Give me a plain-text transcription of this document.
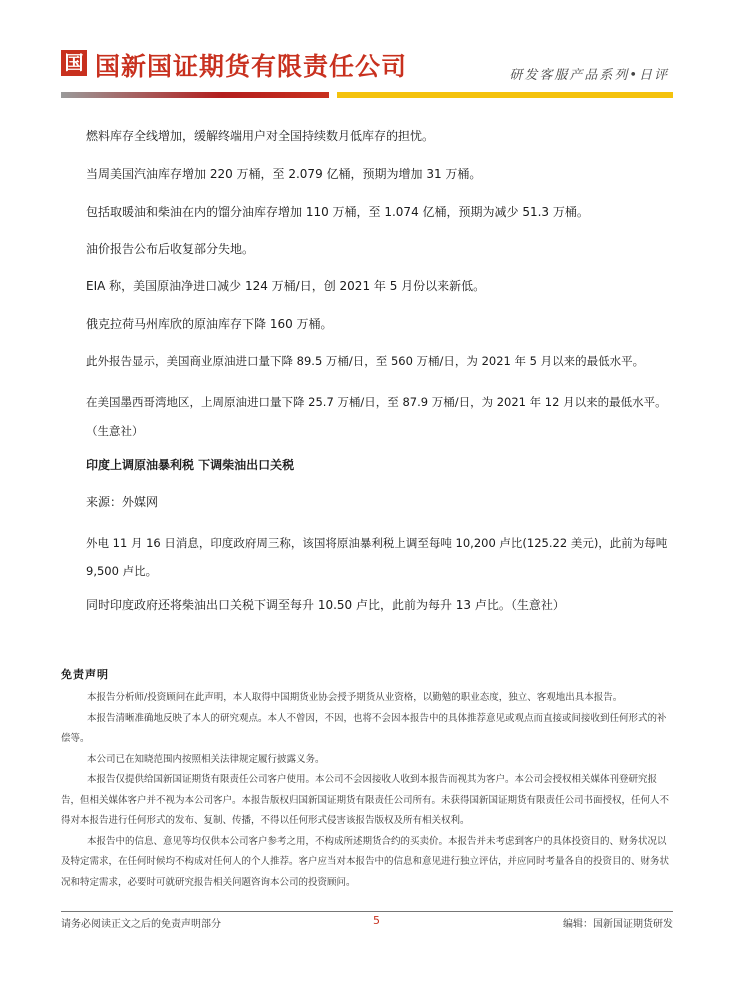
国 国新国证期货有限责任公司	研发客服产品系列•日评
燃料库存全线增加，缓解终端用户对全国持续数月低库存的担忧。
当周美国汽油库存增加 220 万桶，至 2.079 亿桶，预期为增加 31 万桶。
包括取暖油和柴油在内的馏分油库存增加 110 万桶，至 1.074 亿桶，预期为减少 51.3 万桶。
油价报告公布后收复部分失地。
EIA 称，美国原油净进口减少 124 万桶/日，创 2021 年 5 月份以来新低。
俄克拉荷马州库欣的原油库存下降 160 万桶。
此外报告显示，美国商业原油进口量下降 89.5 万桶/日，至 560 万桶/日，为 2021 年 5 月以来的最低水平。
在美国墨西哥湾地区，上周原油进口量下降 25.7 万桶/日，至 87.9 万桶/日，为 2021 年 12 月以来的最低水平。（生意社）
印度上调原油暴利税 下调柴油出口关税
来源：外媒网
外电 11 月 16 日消息，印度政府周三称，该国将原油暴利税上调至每吨 10,200 卢比(125.22 美元)，此前为每吨 9,500 卢比。
同时印度政府还将柴油出口关税下调至每升 10.50 卢比，此前为每升 13 卢比。（生意社）
免责声明

本报告分析师/投资顾问在此声明，本人取得中国期货业协会授予期货从业资格，以勤勉的职业态度，独立、客观地出具本报告。

本报告清晰准确地反映了本人的研究观点。本人不曾因，不因，也将不会因本报告中的具体推荐意见或观点而直接或间接收到任何形式的补偿等。

本公司已在知晓范围内按照相关法律规定履行披露义务。

本报告仅提供给国新国证期货有限责任公司客户使用。本公司不会因接收人收到本报告而视其为客户。本公司会授权相关媒体刊登研究报告，但相关媒体客户并不视为本公司客户。本报告版权归国新国证期货有限责任公司所有。未获得国新国证期货有限责任公司书面授权，任何人不得对本报告进行任何形式的发布、复制、传播，不得以任何形式侵害该报告版权及所有相关权利。

本报告中的信息、意见等均仅供本公司客户参考之用，不构成所述期货合约的买卖价。本报告并未考虑到客户的具体投资目的、财务状况以及特定需求，在任何时候均不构成对任何人的个人推荐。客户应当对本报告中的信息和意见进行独立评估，并应同时考量各自的投资目的、财务状况和特定需求，必要时可就研究报告相关问题咨询本公司的投资顾问。

请务必阅读正文之后的免责声明部分	5	编辑：国新国证期货研发
